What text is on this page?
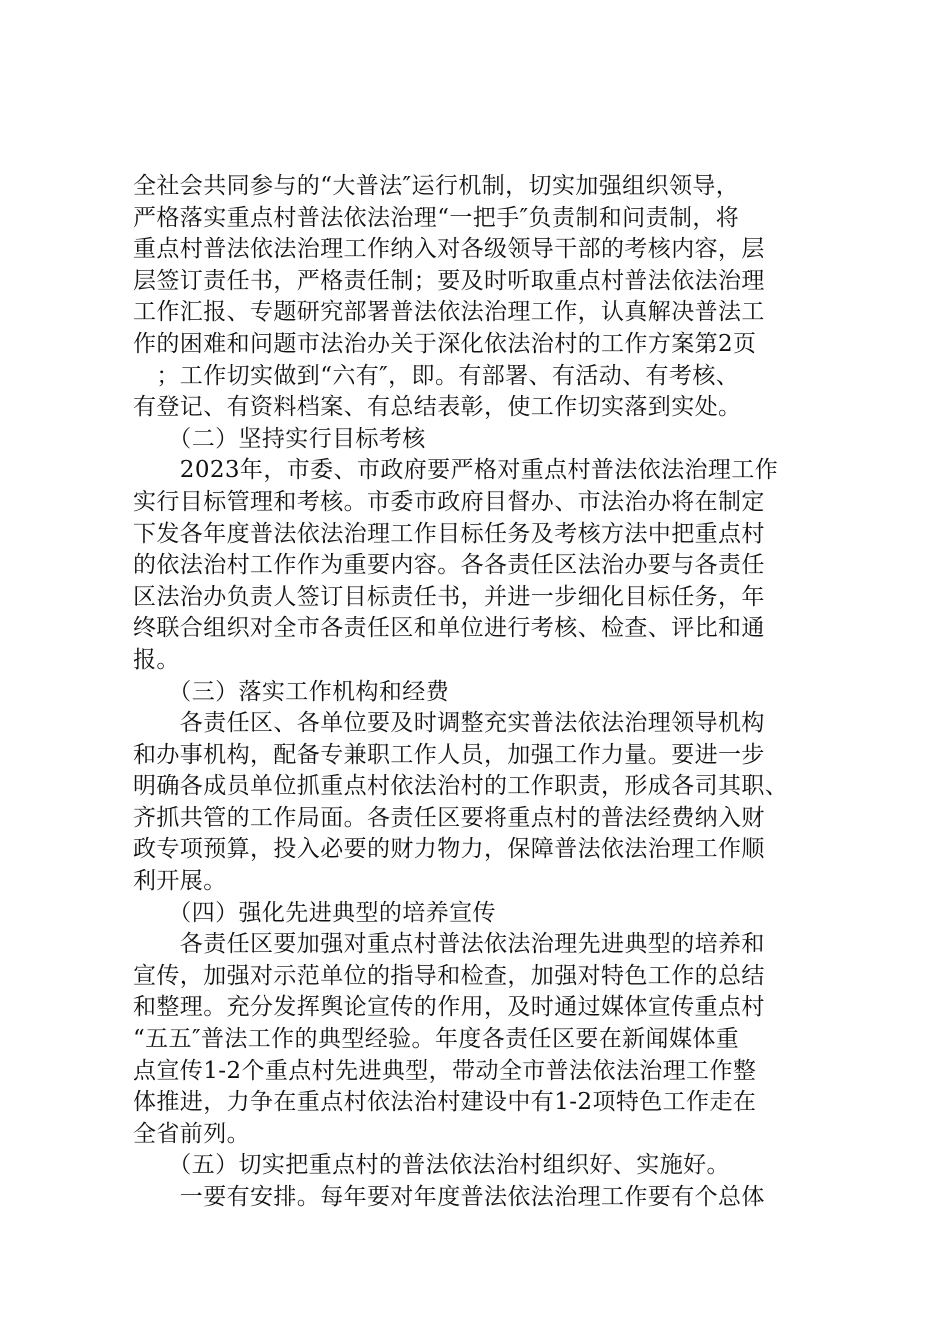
全社会共同参与的“大普法″运行机制，切实加强组织领导，
严格落实重点村普法依法治理“一把手″负责制和问责制，将
重点村普法依法治理工作纳入对各级领导干部的考核内容，层
层签订责任书，严格责任制；要及时听取重点村普法依法治理
工作汇报、专题研究部署普法依法治理工作，认真解决普法工
作的困难和问题市法治办关于深化依法治村的工作方案第2页
　；工作切实做到“六有″，即。有部署、有活动、有考核、
有登记、有资料档案、有总结表彰，使工作切实落到实处。
　　（二）坚持实行目标考核
　　2023年，市委、市政府要严格对重点村普法依法治理工作
实行目标管理和考核。市委市政府目督办、市法治办将在制定
下发各年度普法依法治理工作目标任务及考核方法中把重点村
的依法治村工作作为重要内容。各各责任区法治办要与各责任
区法治办负责人签订目标责任书，并进一步细化目标任务，年
终联合组织对全市各责任区和单位进行考核、检查、评比和通
报。
　　（三）落实工作机构和经费
　　各责任区、各单位要及时调整充实普法依法治理领导机构
和办事机构，配备专兼职工作人员，加强工作力量。要进一步
明确各成员单位抓重点村依法治村的工作职责，形成各司其职、
齐抓共管的工作局面。各责任区要将重点村的普法经费纳入财
政专项预算，投入必要的财力物力，保障普法依法治理工作顺
利开展。
　　（四）强化先进典型的培养宣传
　　各责任区要加强对重点村普法依法治理先进典型的培养和
宣传，加强对示范单位的指导和检查，加强对特色工作的总结
和整理。充分发挥舆论宣传的作用，及时通过媒体宣传重点村
“五五″普法工作的典型经验。年度各责任区要在新闻媒体重
点宣传1-2个重点村先进典型，带动全市普法依法治理工作整
体推进，力争在重点村依法治村建设中有1-2项特色工作走在
全省前列。
　　（五）切实把重点村的普法依法治村组织好、实施好。
　　一要有安排。每年要对年度普法依法治理工作要有个总体
